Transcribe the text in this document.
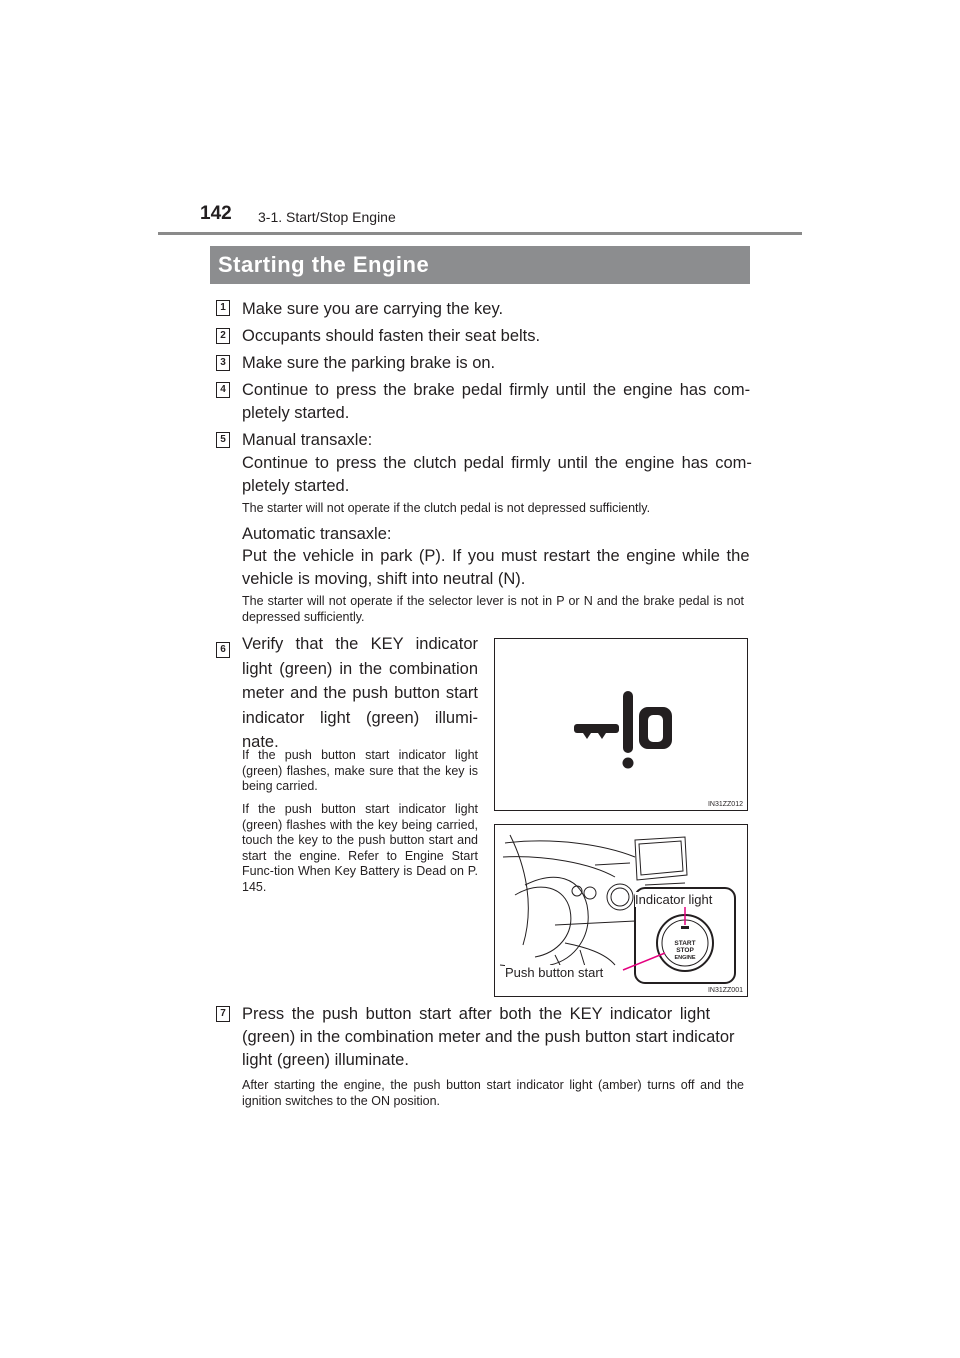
142 3-1. Start/Stop Engine
Starting the Engine
1 Make sure you are carrying the key.
2 Occupants should fasten their seat belts.
3 Make sure the parking brake is on.
4 Continue to press the brake pedal firmly until the engine has com-
pletely started.
5 Manual transaxle:
Continue to press the clutch pedal firmly until the engine has com-
pletely started.
The starter will not operate if the clutch pedal is not depressed sufficiently.
Automatic transaxle:
Put the vehicle in park (P). If you must restart the engine while the
vehicle is moving, shift into neutral (N).
The starter will not operate if the selector lever is not in P or N and the brake pedal is not depressed sufficiently.
6 Verify that the KEY indicator light (green) in the combination meter and the push button start indicator light (green) illumi-nate.
If the push button start indicator light (green) flashes, make sure that the key is being carried.
If the push button start indicator light (green) flashes with the key being carried, touch the key to the push button start and start the engine. Refer to Engine Start Func-tion When Key Battery is Dead on P. 145.
IN31ZZ012
START
STOP
ENGINE
Indicator light
Push button start
IN31ZZ001
7 Press the push button start after both the KEY indicator light
(green) in the combination meter and the push button start indicator
light (green) illuminate.
After starting the engine, the push button start indicator light (amber) turns off and the ignition switches to the ON position.
